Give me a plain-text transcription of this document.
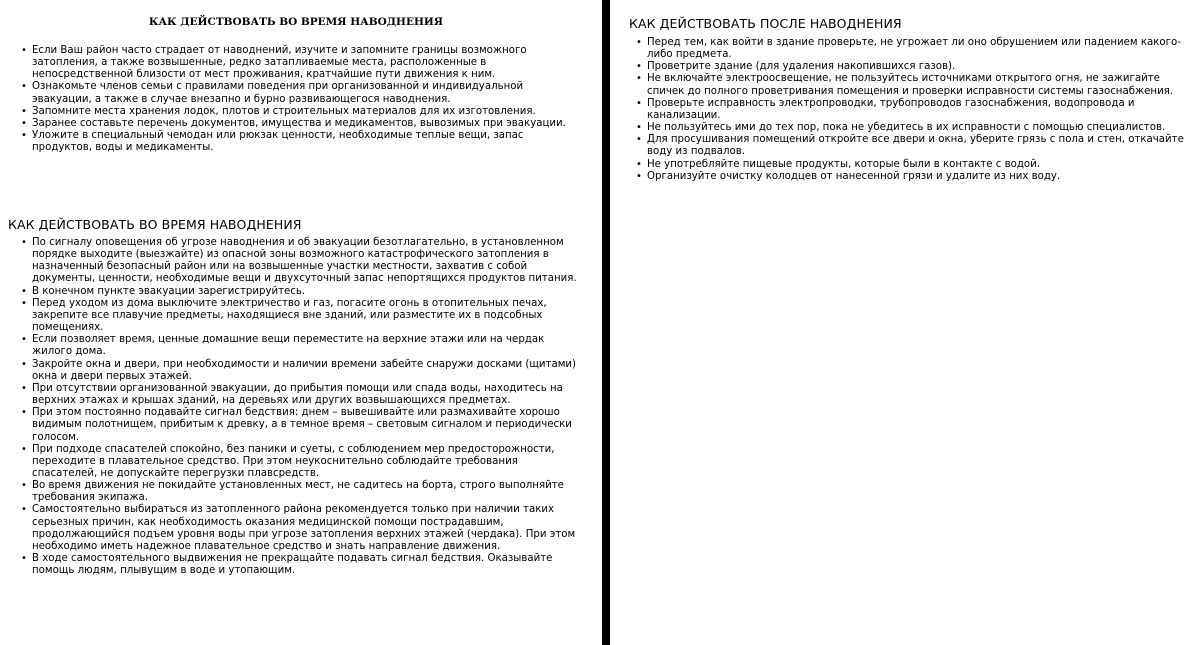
КАК ДЕЙСТВОВАТЬ ВО ВРЕМЯ НАВОДНЕНИЯ
• Если Ваш район часто страдает от наводнений, изучите и запомните границы возможного затопления, а также возвышенные, редко затапливаемые места, расположенные в непосредственной близости от мест проживания, кратчайшие пути движения к ним.
• Ознакомьте членов семьи с правилами поведения при организованной и индивидуальной эвакуации, а также в случае внезапно и бурно развивающегося наводнения.
• Запомните места хранения лодок, плотов и строительных материалов для их изготовления.
• Заранее составьте перечень документов, имущества и медикаментов, вывозимых при эвакуации.
• Уложите в специальный чемодан или рюкзак ценности, необходимые теплые вещи, запас продуктов, воды и медикаменты.
КАК ДЕЙСТВОВАТЬ ВО ВРЕМЯ НАВОДНЕНИЯ
• По сигналу оповещения об угрозе наводнения и об эвакуации безотлагательно, в установленном порядке выходите (выезжайте) из опасной зоны возможного катастрофического затопления в назначенный безопасный район или на возвышенные участки местности, захватив с собой документы, ценности, необходимые вещи и двухсуточный запас непортящихся продуктов питания.
• В конечном пункте эвакуации зарегистрируйтесь.
• Перед уходом из дома выключите электричество и газ, погасите огонь в отопительных печах, закрепите все плавучие предметы, находящиеся вне зданий, или разместите их в подсобных помещениях.
• Если позволяет время, ценные домашние вещи переместите на верхние этажи или на чердак жилого дома.
• Закройте окна и двери, при необходимости и наличии времени забейте снаружи досками (щитами) окна и двери первых этажей.
• При отсутствии организованной эвакуации, до прибытия помощи или спада воды, находитесь на верхних этажах и крышах зданий, на деревьях или других возвышающихся предметах.
• При этом постоянно подавайте сигнал бедствия: днем – вывешивайте или размахивайте хорошо видимым полотнищем, прибитым к древку, а в темное время – световым сигналом и периодически голосом.
• При подходе спасателей спокойно, без паники и суеты, с соблюдением мер предосторожности, переходите в плавательное средство. При этом неукоснительно соблюдайте требования спасателей, не допускайте перегрузки плавсредств.
• Во время движения не покидайте установленных мест, не садитесь на борта, строго выполняйте требования экипажа.
• Самостоятельно выбираться из затопленного района рекомендуется только при наличии таких серьезных причин, как необходимость оказания медицинской помощи пострадавшим, продолжающийся подъем уровня воды при угрозе затопления верхних этажей (чердака). При этом необходимо иметь надежное плавательное средство и знать направление движения.
• В ходе самостоятельного выдвижения не прекращайте подавать сигнал бедствия. Оказывайте помощь людям, плывущим в воде и утопающим.
КАК ДЕЙСТВОВАТЬ ПОСЛЕ НАВОДНЕНИЯ
• Перед тем, как войти в здание проверьте, не угрожает ли оно обрушением или падением какого-либо предмета.
• Проветрите здание (для удаления накопившихся газов).
• Не включайте электроосвещение, не пользуйтесь источниками открытого огня, не зажигайте спичек до полного проветривания помещения и проверки исправности системы газоснабжения.
• Проверьте исправность электропроводки, трубопроводов газоснабжения, водопровода и канализации.
• Не пользуйтесь ими до тех пор, пока не убедитесь в их исправности с помощью специалистов.
• Для просушивания помещений откройте все двери и окна, уберите грязь с пола и стен, откачайте воду из подвалов.
• Не употребляйте пищевые продукты, которые были в контакте с водой.
• Организуйте очистку колодцев от нанесенной грязи и удалите из них воду.
